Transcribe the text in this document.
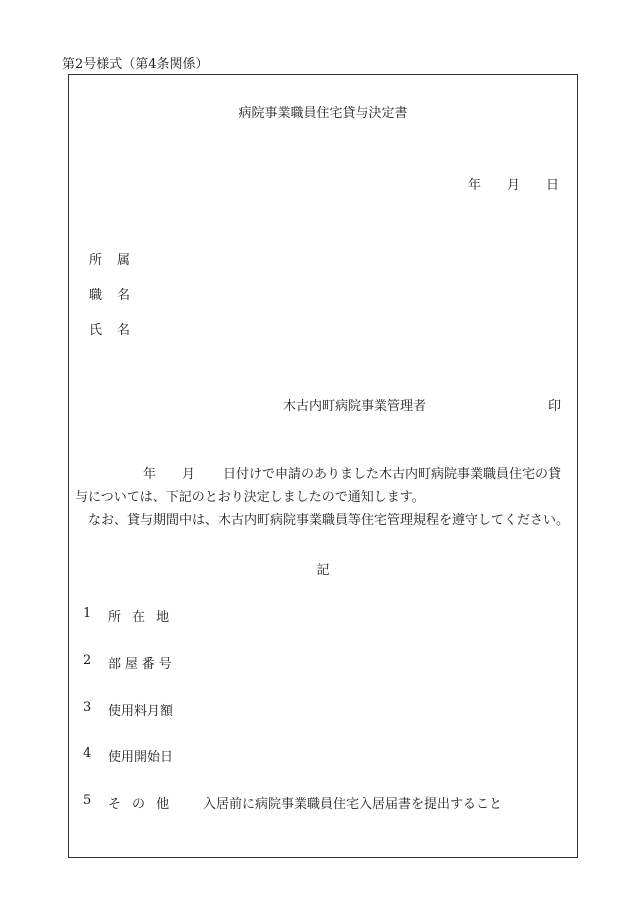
第2号様式（第4条関係）
病院事業職員住宅貸与決定書
年 月 日
所	属
職	名
氏	名
木古内町病院事業管理者	印

年 月 日付けで申請のありました木古内町病院事業職員住宅の貸与については、下記のとおり決定しましたので通知します。

なお、貸与期間中は、木古内町病院事業職員等住宅管理規程を遵守してください。

記
1	所在地
2	部屋番号
3	使用料月額
4	使用開始日
5	その他	入居前に病院事業職員住宅入居届書を提出すること
